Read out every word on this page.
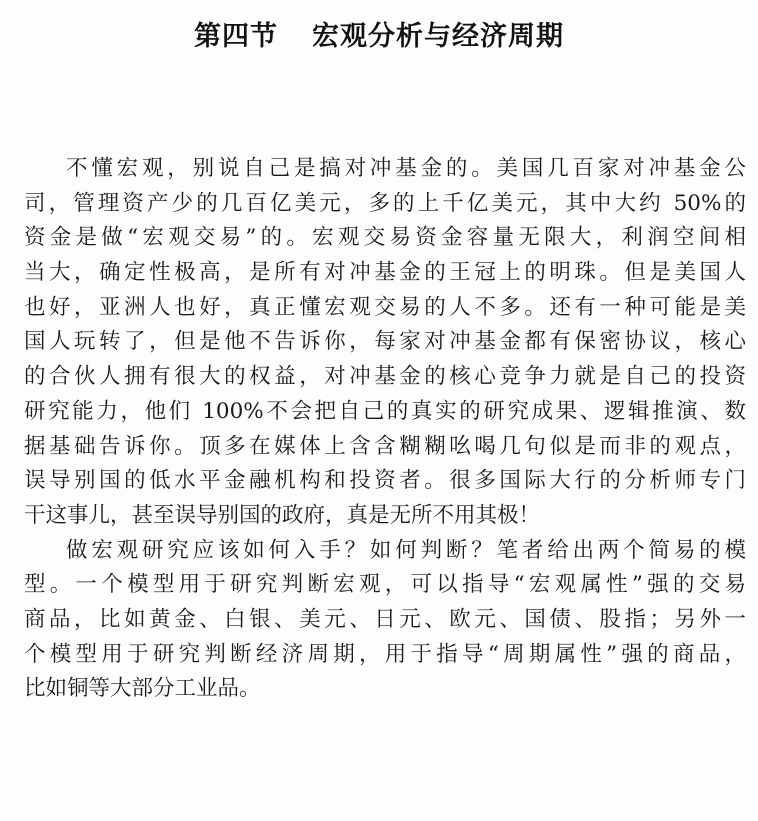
第四节 宏观分析与经济周期
不懂宏观，别说自己是搞对冲基金的。美国几百家对冲基金公
司，管理资产少的几百亿美元，多的上千亿美元，其中大约 50%的
资金是做“宏观交易”的。宏观交易资金容量无限大，利润空间相
当大，确定性极高，是所有对冲基金的王冠上的明珠。但是美国人
也好，亚洲人也好，真正懂宏观交易的人不多。还有一种可能是美
国人玩转了，但是他不告诉你，每家对冲基金都有保密协议，核心
的合伙人拥有很大的权益，对冲基金的核心竞争力就是自己的投资
研究能力，他们 100%不会把自己的真实的研究成果、逻辑推演、数
据基础告诉你。顶多在媒体上含含糊糊吆喝几句似是而非的观点，
误导别国的低水平金融机构和投资者。很多国际大行的分析师专门
干这事儿，甚至误导别国的政府，真是无所不用其极！
做宏观研究应该如何入手？如何判断？笔者给出两个简易的模
型。一个模型用于研究判断宏观，可以指导“宏观属性”强的交易
商品，比如黄金、白银、美元、日元、欧元、国债、股指；另外一
个模型用于研究判断经济周期，用于指导“周期属性”强的商品，
比如铜等大部分工业品。
